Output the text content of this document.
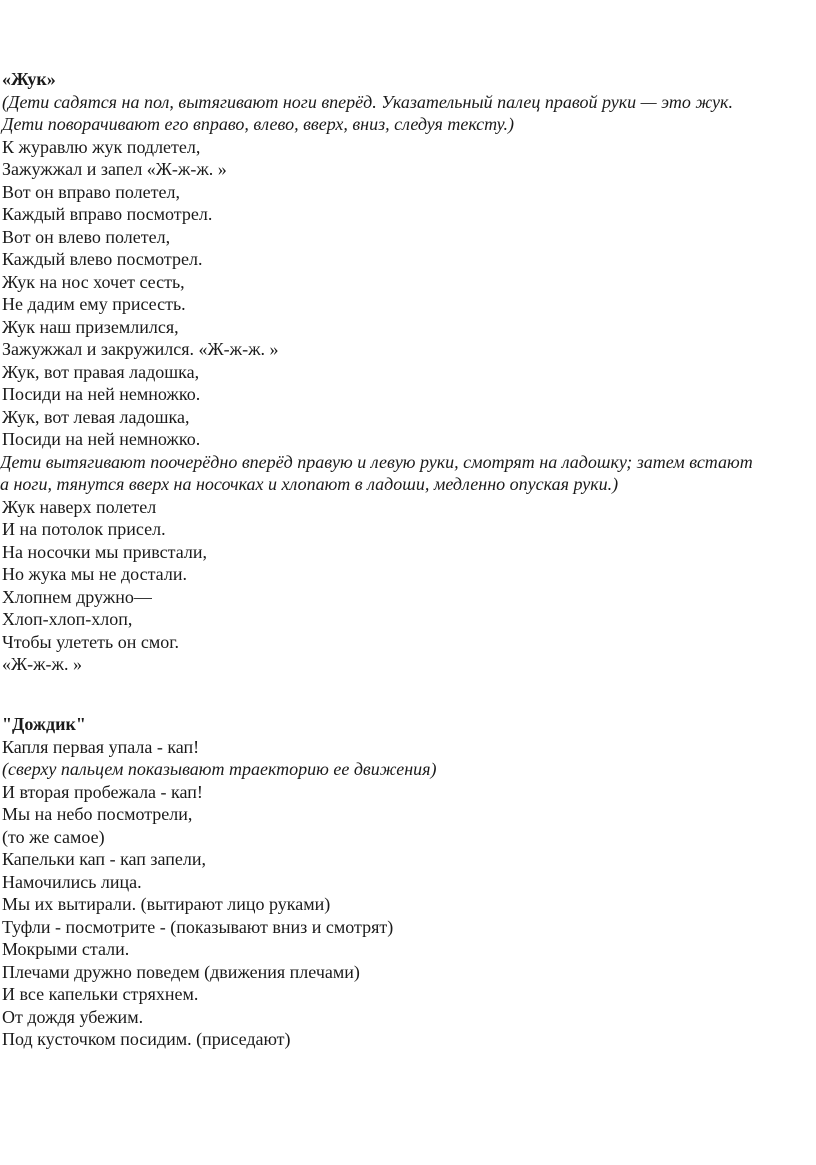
«Жук»
(Дети садятся на пол, вытягивают ноги вперёд. Указательный палец правой руки — это жук.
Дети поворачивают его вправо, влево, вверх, вниз, следуя тексту.)
К журавлю жук подлетел,
Зажужжал и запел «Ж-ж-ж. »
Вот он вправо полетел,
Каждый вправо посмотрел.
Вот он влево полетел,
Каждый влево посмотрел.
Жук на нос хочет сесть,
Не дадим ему присесть.
Жук наш приземлился,
Зажужжал и закружился. «Ж-ж-ж. »
Жук, вот правая ладошка,
Посиди на ней немножко.
Жук, вот левая ладошка,
Посиди на ней немножко.
Дети вытягивают поочерёдно вперёд правую и левую руки, смотрят на ладошку; затем встают
а ноги, тянутся вверх на носочках и хлопают в ладоши, медленно опуская руки.)
Жук наверх полетел
И на потолок присел.
На носочки мы привстали,
Но жука мы не достали.
Хлопнем дружно—
Хлоп-хлоп-хлоп,
Чтобы улететь он смог.
«Ж-ж-ж. »
"Дождик"
Капля первая упала - кап!
(сверху пальцем показывают траекторию ее движения)
И вторая пробежала - кап!
Мы на небо посмотрели,
(то же самое)
Капельки кап - кап запели,
Намочились лица.
Мы их вытирали. (вытирают лицо руками)
Туфли - посмотрите - (показывают вниз и смотрят)
Мокрыми стали.
Плечами дружно поведем (движения плечами)
И все капельки стряхнем.
От дождя убежим.
Под кусточком посидим. (приседают)
